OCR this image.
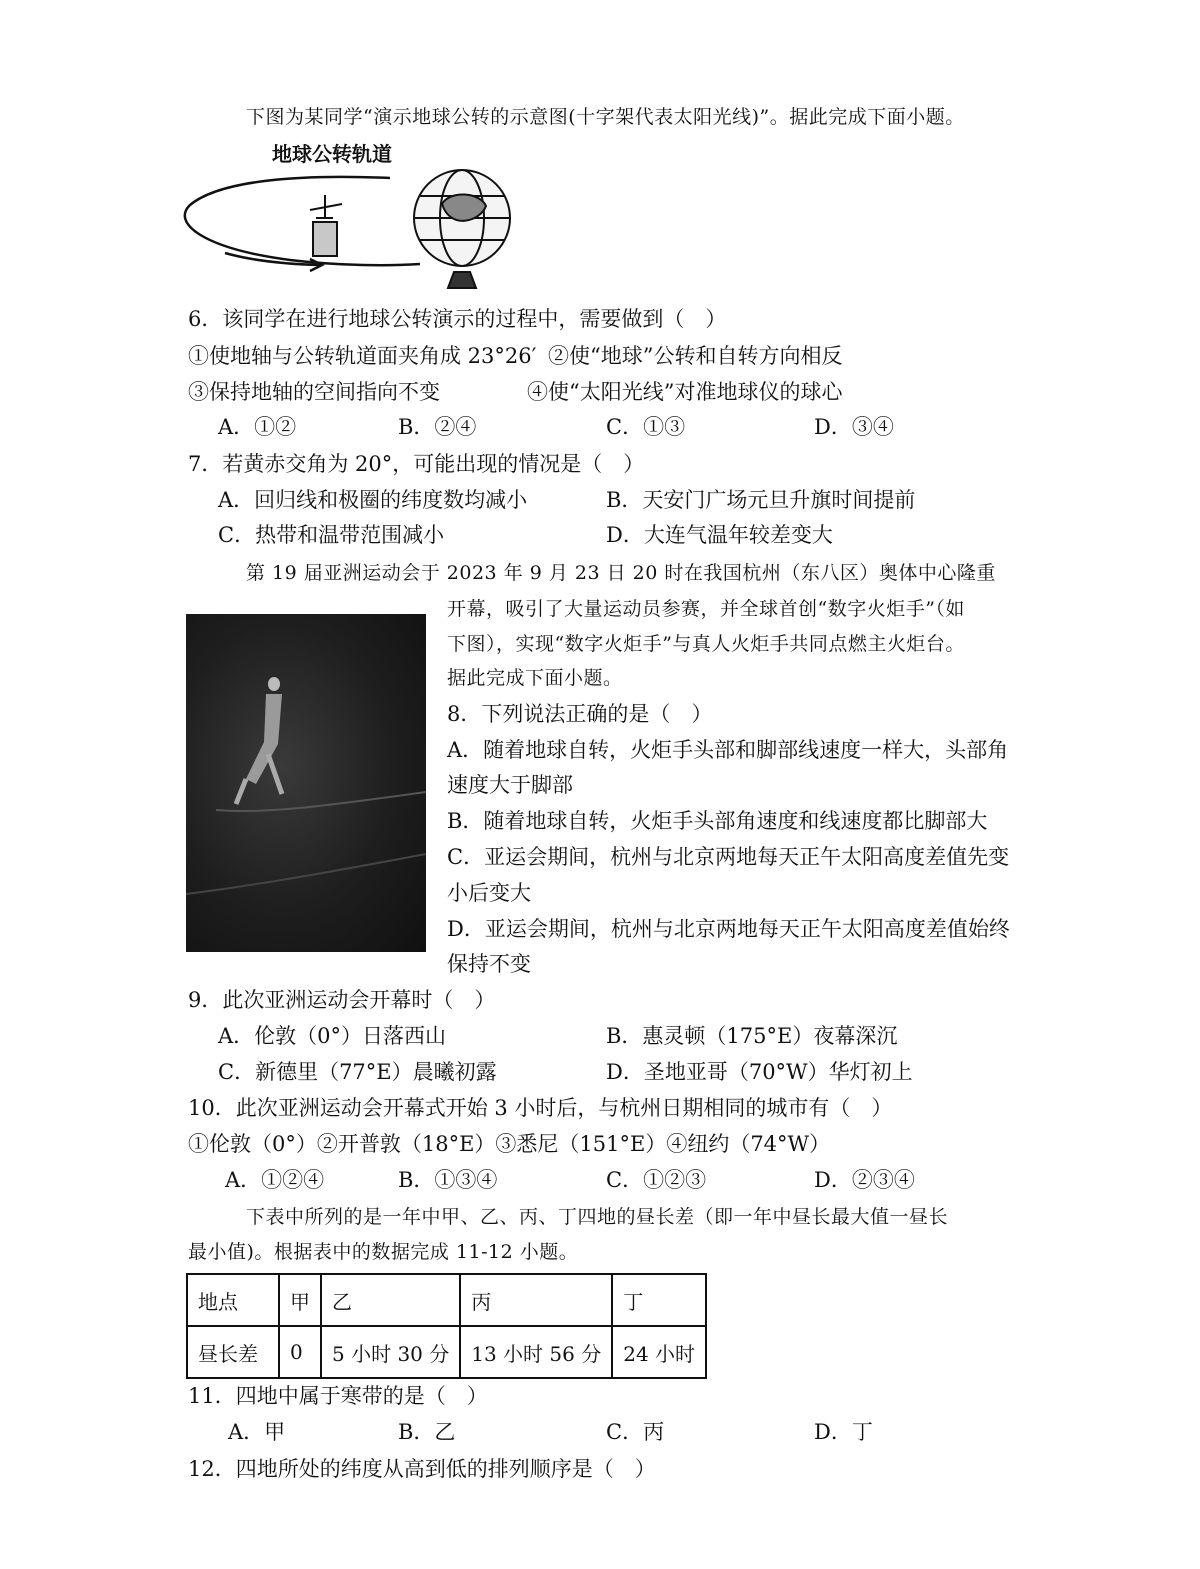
下图为某同学“演示地球公转的示意图(十字架代表太阳光线)”。据此完成下面小题。
地球公转轨道
6．该同学在进行地球公转演示的过程中，需要做到（　）
①使地轴与公转轨道面夹角成 23°26′ ②使“地球”公转和自转方向相反
③保持地轴的空间指向不变	④使“太阳光线”对准地球仪的球心
A．①②	B．②④	C．①③	D．③④
7．若黄赤交角为 20°，可能出现的情况是（　）
A．回归线和极圈的纬度数均减小	B．天安门广场元旦升旗时间提前
C．热带和温带范围减小	D．大连气温年较差变大
第 19 届亚洲运动会于 2023 年 9 月 23 日 20 时在我国杭州（东八区）奥体中心隆重
开幕，吸引了大量运动员参赛，并全球首创“数字火炬手”（如
下图），实现“数字火炬手”与真人火炬手共同点燃主火炬台。
据此完成下面小题。
8．下列说法正确的是（　）
A．随着地球自转，火炬手头部和脚部线速度一样大，头部角
速度大于脚部
B．随着地球自转，火炬手头部角速度和线速度都比脚部大
C．亚运会期间，杭州与北京两地每天正午太阳高度差值先变
小后变大
D．亚运会期间，杭州与北京两地每天正午太阳高度差值始终
保持不变
9．此次亚洲运动会开幕时（　）
A．伦敦（0°）日落西山	B．惠灵顿（175°E）夜幕深沉
C．新德里（77°E）晨曦初露	D．圣地亚哥（70°W）华灯初上
10．此次亚洲运动会开幕式开始 3 小时后，与杭州日期相同的城市有（　）
①伦敦（0°）②开普敦（18°E）③悉尼（151°E）④纽约（74°W）
A．①②④	B．①③④	C．①②③	D．②③④
下表中所列的是一年中甲、乙、丙、丁四地的昼长差（即一年中昼长最大值一昼长
最小值)。根据表中的数据完成 11-12 小题。
地点	甲	乙	丙	丁
昼长差	0	5 小时 30 分	13 小时 56 分	24 小时
11．四地中属于寒带的是（　）
A．甲	B．乙	C．丙	D．丁
12．四地所处的纬度从高到低的排列顺序是（　）
